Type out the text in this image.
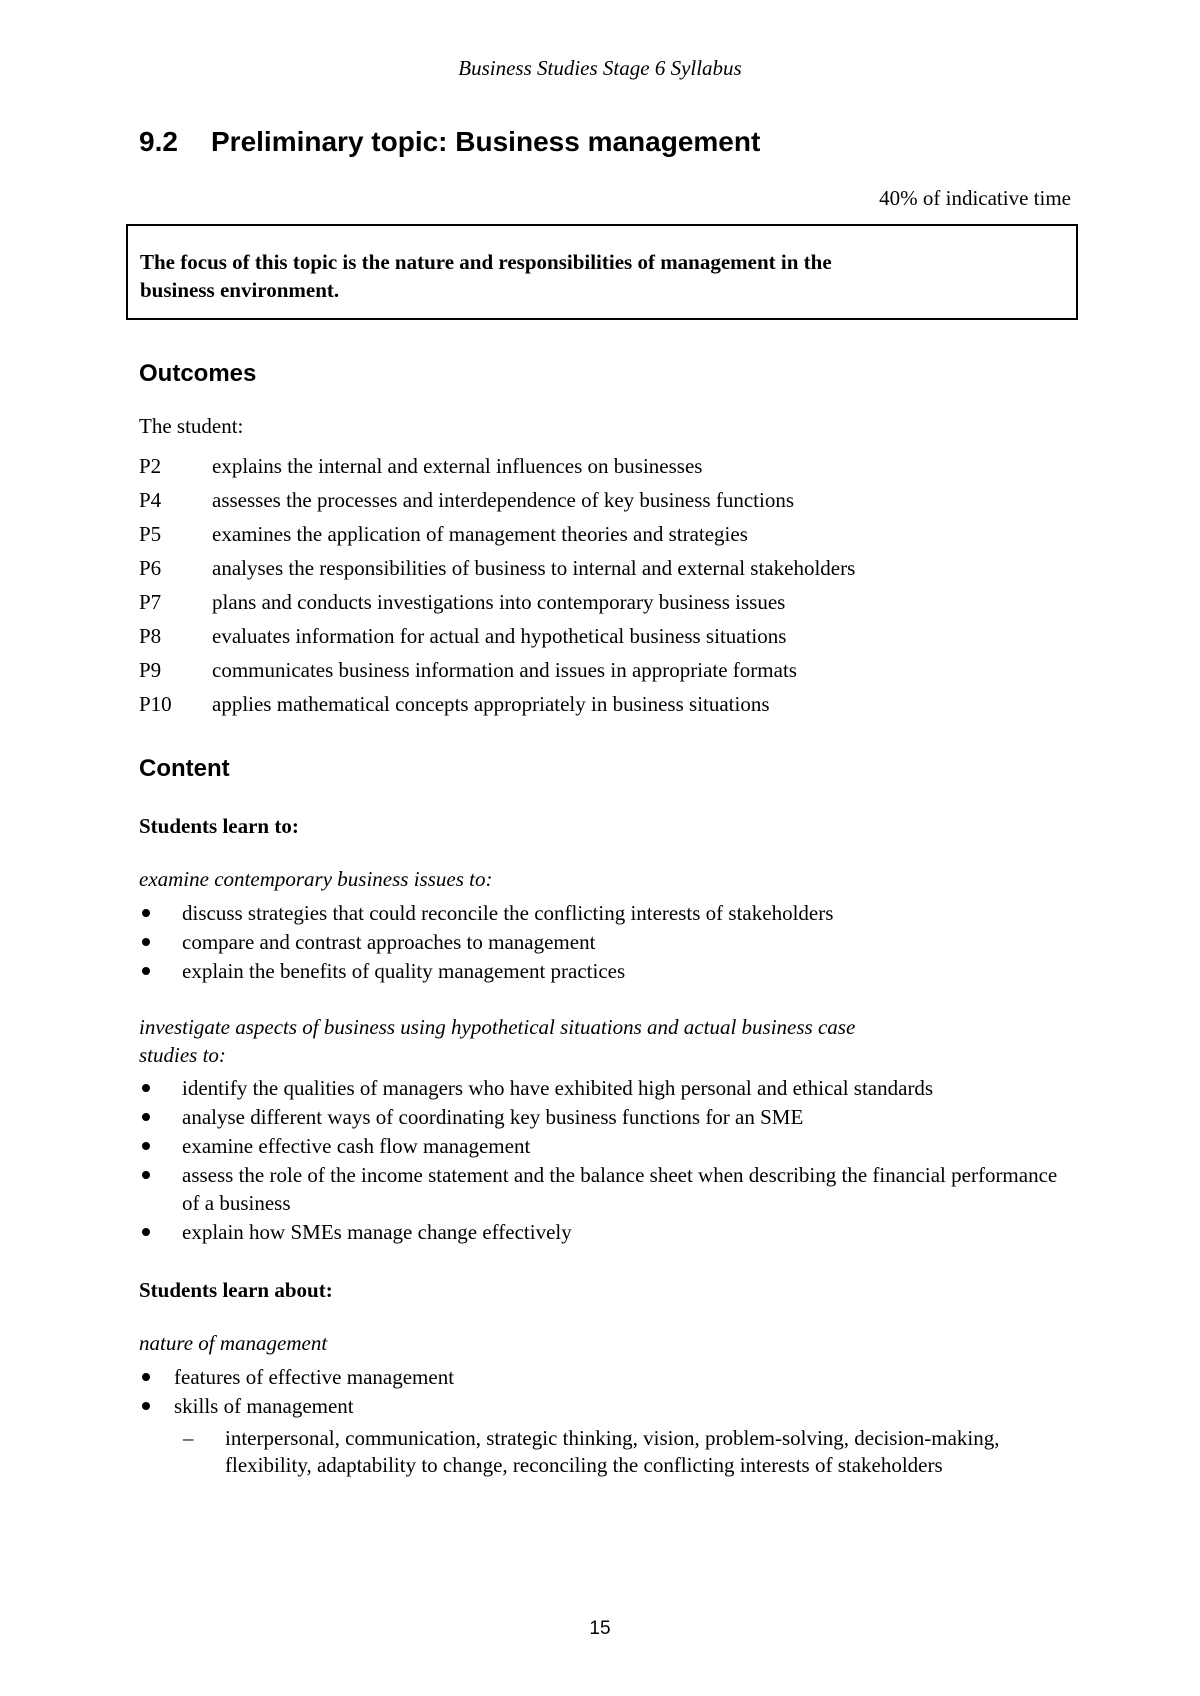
Business Studies Stage 6 Syllabus
9.2 Preliminary topic: Business management
40% of indicative time
The focus of this topic is the nature and responsibilities of management in the
business environment.
Outcomes
The student:
P2 explains the internal and external influences on businesses
P4 assesses the processes and interdependence of key business functions
P5 examines the application of management theories and strategies
P6 analyses the responsibilities of business to internal and external stakeholders
P7 plans and conducts investigations into contemporary business issues
P8 evaluates information for actual and hypothetical business situations
P9 communicates business information and issues in appropriate formats
P10 applies mathematical concepts appropriately in business situations
Content
Students learn to:
examine contemporary business issues to:
discuss strategies that could reconcile the conflicting interests of stakeholders
compare and contrast approaches to management
explain the benefits of quality management practices
investigate aspects of business using hypothetical situations and actual business case
studies to:
identify the qualities of managers who have exhibited high personal and ethical standards
analyse different ways of coordinating key business functions for an SME
examine effective cash flow management
assess the role of the income statement and the balance sheet when describing the financial performance of a business
explain how SMEs manage change effectively
Students learn about:
nature of management
features of effective management
skills of management
– interpersonal, communication, strategic thinking, vision, problem-solving, decision-making, flexibility, adaptability to change, reconciling the conflicting interests of stakeholders
15
